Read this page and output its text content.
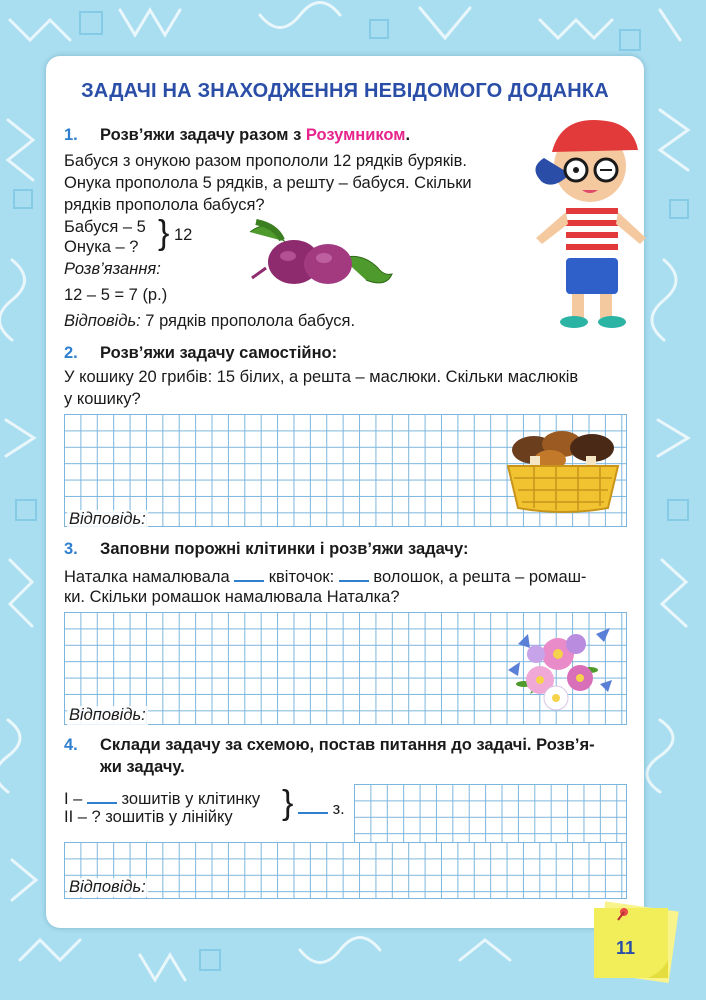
ЗАДАЧІ НА ЗНАХОДЖЕННЯ НЕВІДОМОГО ДОДАНКА
1. Розв’яжи задачу разом з Розумником.
Бабуся з онукою разом пропололи 12 рядків буряків.
Онука прополола 5 рядків, а решту – бабуся. Скільки
рядків прополола бабуся?
Бабуся – 5
Онука – ? } 12
Розв’язання:
12 – 5 = 7 (р.)
Відповідь: 7 рядків прополола бабуся.
2. Розв’яжи задачу самостійно:
У кошику 20 грибів: 15 білих, а решта – маслюки. Скільки маслюків
у кошику?
Відповідь:
3. Заповни порожні клітинки і розв’яжи задачу:
Наталка намалювала  квіточок:  волошок, а решта – ромаш-
ки. Скільки ромашок намалювала Наталка?
Відповідь:
4. Склади задачу за схемою, постав питання до задачі. Розв’я-
жи задачу.
І –  зошитів у клітинку
ІІ – ? зошитів у лінійку }	з.
Відповідь:
11
